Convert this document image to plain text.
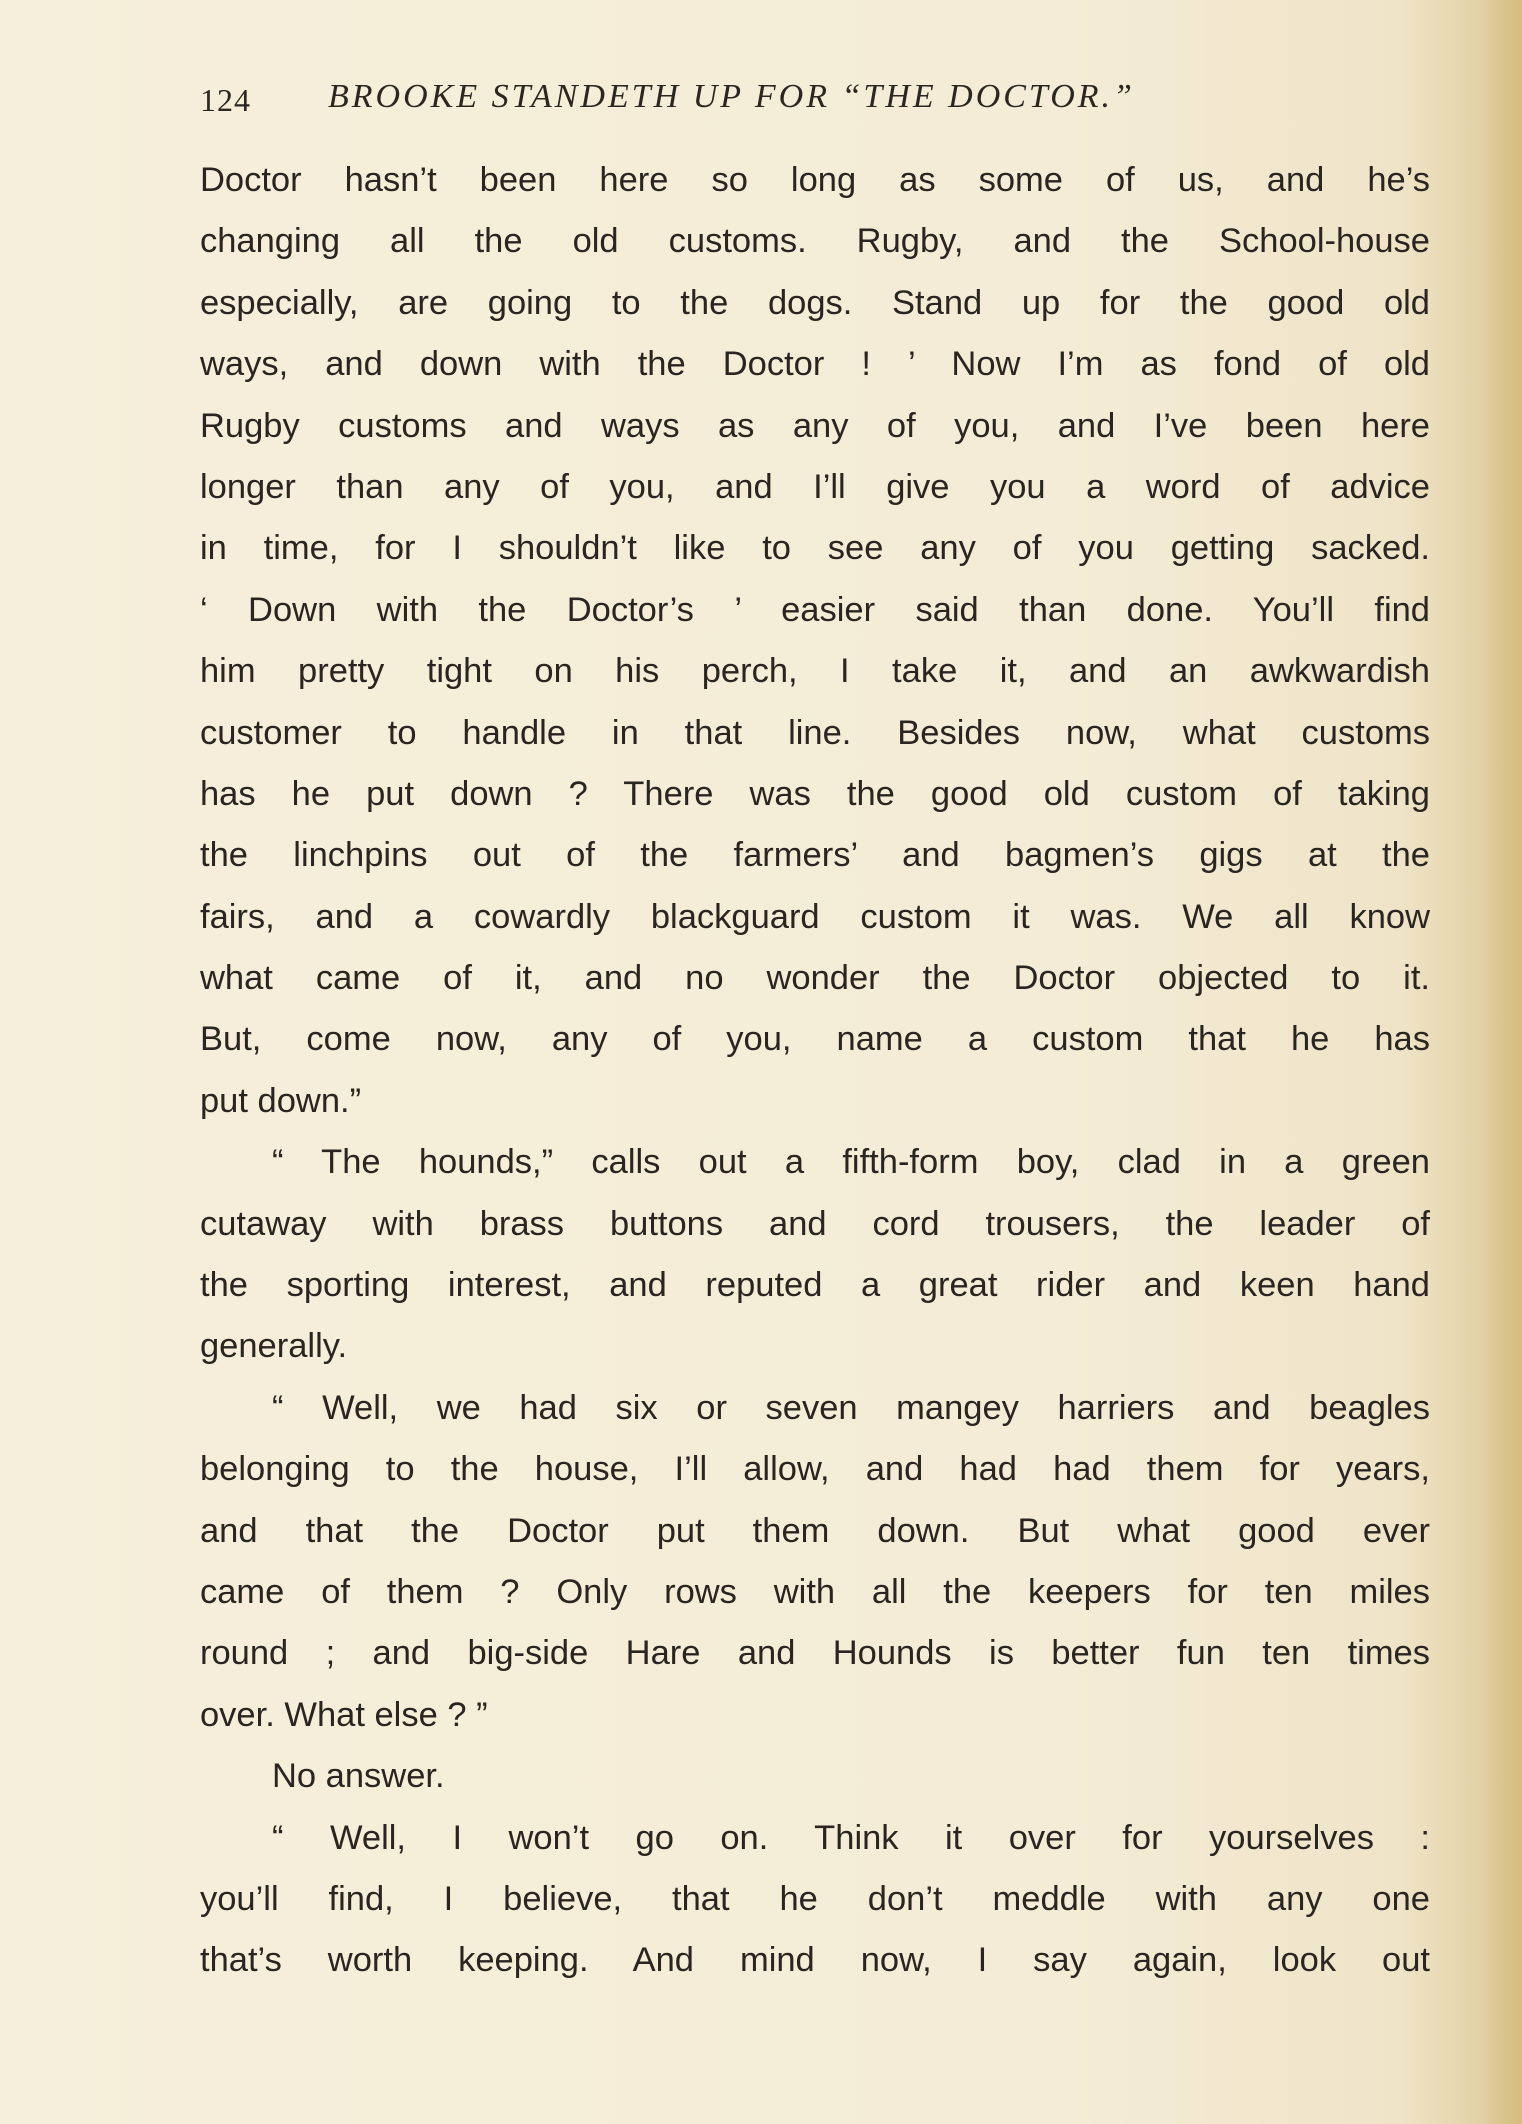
124 BROOKE STANDETH UP FOR “THE DOCTOR.”
Doctor hasn’t been here so long as some of us, and he’s
changing all the old customs. Rugby, and the School-house
especially, are going to the dogs. Stand up for the good old
ways, and down with the Doctor ! ’ Now I’m as fond of old
Rugby customs and ways as any of you, and I’ve been here
longer than any of you, and I’ll give you a word of advice
in time, for I shouldn’t like to see any of you getting sacked.
‘ Down with the Doctor’s ’ easier said than done. You’ll find
him pretty tight on his perch, I take it, and an awkwardish
customer to handle in that line. Besides now, what customs
has he put down ? There was the good old custom of taking
the linchpins out of the farmers’ and bagmen’s gigs at the
fairs, and a cowardly blackguard custom it was. We all know
what came of it, and no wonder the Doctor objected to it.
But, come now, any of you, name a custom that he has
put down.”
“ The hounds,” calls out a fifth-form boy, clad in a green
cutaway with brass buttons and cord trousers, the leader of
the sporting interest, and reputed a great rider and keen hand
generally.
“ Well, we had six or seven mangey harriers and beagles
belonging to the house, I’ll allow, and had had them for years,
and that the Doctor put them down. But what good ever
came of them ? Only rows with all the keepers for ten miles
round ; and big-side Hare and Hounds is better fun ten times
over. What else ? ”
No answer.
“ Well, I won’t go on. Think it over for yourselves :
you’ll find, I believe, that he don’t meddle with any one
that’s worth keeping. And mind now, I say again, look out
